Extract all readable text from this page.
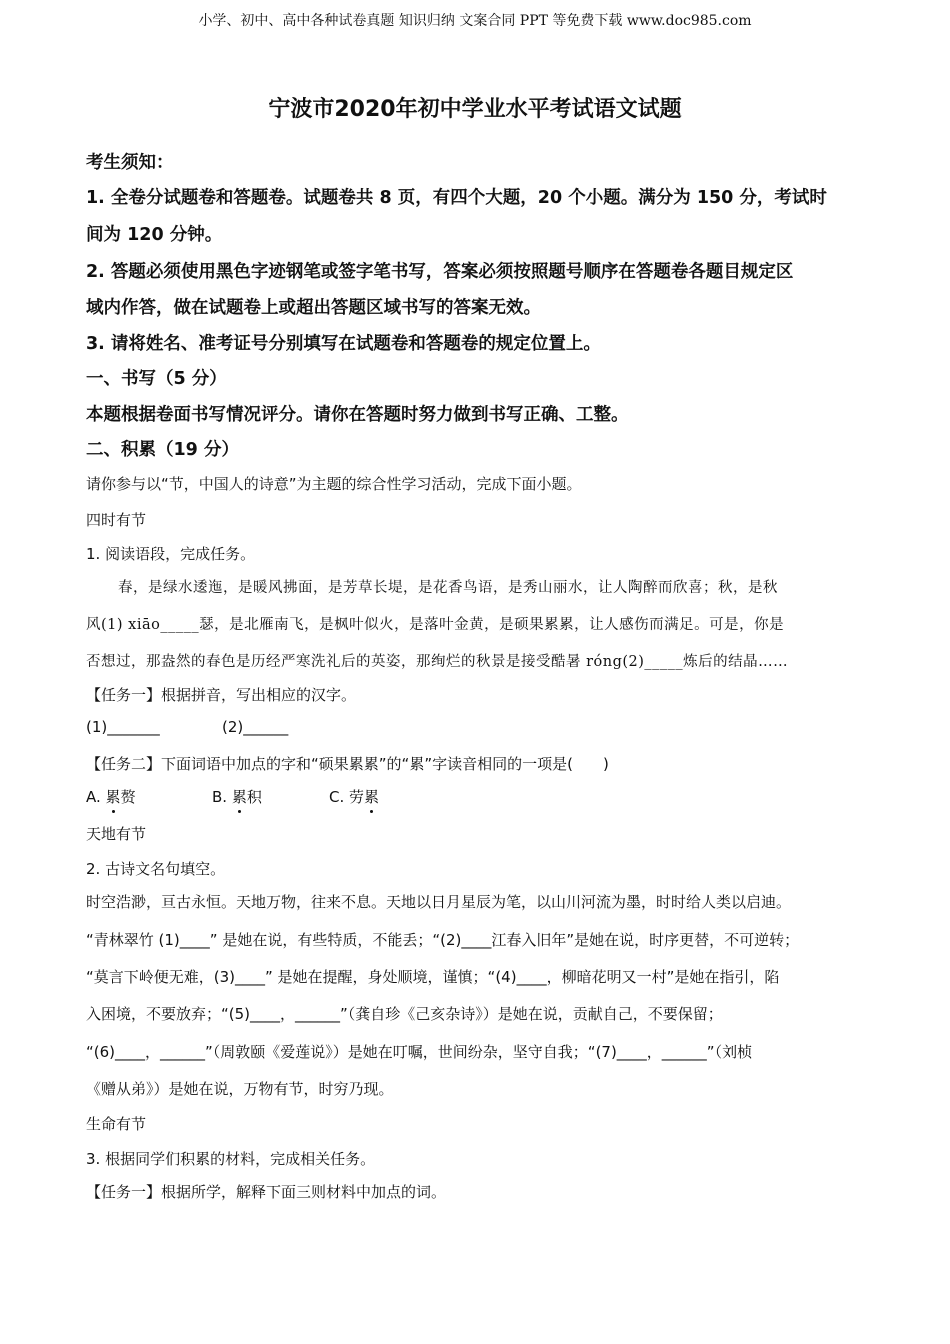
小学、初中、高中各种试卷真题 知识归纳 文案合同 PPT 等免费下载 www.doc985.com
宁波市2020年初中学业水平考试语文试题
考生须知：
1. 全卷分试题卷和答题卷。试题卷共 8 页，有四个大题，20 个小题。满分为 150 分，考试时
间为 120 分钟。
2. 答题必须使用黑色字迹钢笔或签字笔书写，答案必须按照题号顺序在答题卷各题目规定区
域内作答，做在试题卷上或超出答题区域书写的答案无效。
3. 请将姓名、准考证号分别填写在试题卷和答题卷的规定位置上。
一、书写（5 分）
本题根据卷面书写情况评分。请你在答题时努力做到书写正确、工整。
二、积累（19 分）
请你参与以“节，中国人的诗意”为主题的综合性学习活动，完成下面小题。
四时有节
1. 阅读语段，完成任务。
春，是绿水逶迤，是暖风拂面，是芳草长堤，是花香鸟语，是秀山丽水，让人陶醉而欣喜；秋，是秋
风(1) xiāo_____瑟，是北雁南飞，是枫叶似火，是落叶金黄，是硕果累累，让人感伤而满足。可是，你是
否想过，那盎然的春色是历经严寒洗礼后的英姿，那绚烂的秋景是接受酷暑 róng(2)_____炼后的结晶……
【任务一】根据拼音，写出相应的汉字。
(1)_______	(2)______
【任务二】下面词语中加点的字和“硕果累累”的“累”字读音相同的一项是(　　)
A. 累赘	B. 累积	C. 劳累
天地有节
2. 古诗文名句填空。
时空浩渺，亘古永恒。天地万物，往来不息。天地以日月星辰为笔，以山川河流为墨，时时给人类以启迪。
“青林翠竹 (1)____” 是她在说，有些特质，不能丢；“(2)____江春入旧年”是她在说，时序更替，不可逆转；
“莫言下岭便无难，(3)____” 是她在提醒，身处顺境，谨慎；“(4)____，柳暗花明又一村”是她在指引，陷
入困境，不要放弃；“(5)____，______”（龚自珍《己亥杂诗》）是她在说，贡献自己，不要保留；
“(6)____，______”（周敦颐《爱莲说》）是她在叮嘱，世间纷杂，坚守自我；“(7)____，______”（刘桢
《赠从弟》）是她在说，万物有节，时穷乃现。
生命有节
3. 根据同学们积累的材料，完成相关任务。
【任务一】根据所学，解释下面三则材料中加点的词。
